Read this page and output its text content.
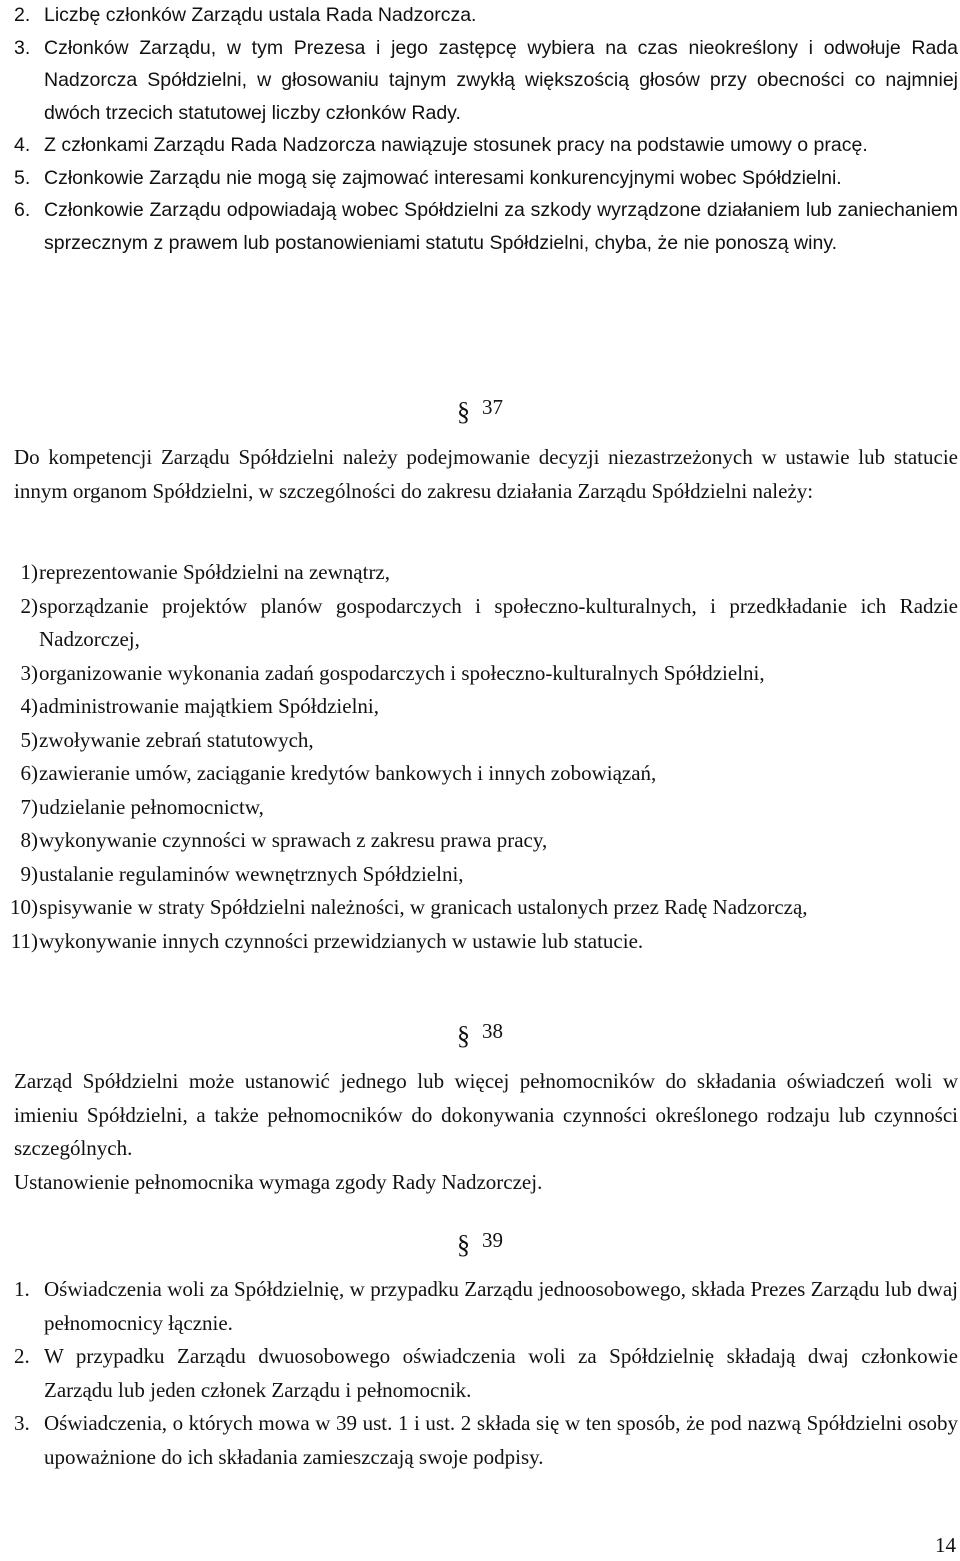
2. Liczbę członków Zarządu ustala Rada Nadzorcza.
3. Członków Zarządu, w tym Prezesa i jego zastępcę wybiera na czas nieokreślony i odwołuje Rada Nadzorcza Spółdzielni, w głosowaniu tajnym zwykłą większością głosów przy obecności co najmniej dwóch trzecich statutowej liczby członków Rady.
4. Z członkami Zarządu Rada Nadzorcza nawiązuje stosunek pracy na podstawie umowy o pracę.
5. Członkowie Zarządu nie mogą się zajmować interesami konkurencyjnymi wobec Spółdzielni.
6. Członkowie Zarządu odpowiadają wobec Spółdzielni za szkody wyrządzone działaniem lub zaniechaniem sprzecznym z prawem lub postanowieniami statutu Spółdzielni, chyba, że nie ponoszą winy.
§ 37
Do kompetencji Zarządu Spółdzielni należy podejmowanie decyzji niezastrzeżonych w ustawie lub statucie innym organom Spółdzielni, w szczególności do zakresu działania Zarządu Spółdzielni należy:
1) reprezentowanie Spółdzielni na zewnątrz,
2) sporządzanie projektów planów gospodarczych i społeczno-kulturalnych, i przedkładanie ich Radzie Nadzorczej,
3) organizowanie wykonania zadań gospodarczych i społeczno-kulturalnych Spółdzielni,
4) administrowanie majątkiem Spółdzielni,
5) zwoływanie zebrań statutowych,
6) zawieranie umów, zaciąganie kredytów bankowych i innych zobowiązań,
7) udzielanie pełnomocnictw,
8) wykonywanie czynności w sprawach z zakresu prawa pracy,
9) ustalanie regulaminów wewnętrznych Spółdzielni,
10) spisywanie w straty Spółdzielni należności, w granicach ustalonych przez Radę Nadzorczą,
11) wykonywanie innych czynności przewidzianych w ustawie lub statucie.
§ 38
Zarząd Spółdzielni może ustanowić jednego lub więcej pełnomocników do składania oświadczeń woli w imieniu Spółdzielni, a także pełnomocników do dokonywania czynności określonego rodzaju lub czynności szczególnych.
Ustanowienie pełnomocnika wymaga zgody Rady Nadzorczej.
§ 39
1. Oświadczenia woli za Spółdzielnię, w przypadku Zarządu jednoosobowego, składa Prezes Zarządu lub dwaj pełnomocnicy łącznie.
2. W przypadku Zarządu dwuosobowego oświadczenia woli za Spółdzielnię składają dwaj członkowie Zarządu lub jeden członek Zarządu i pełnomocnik.
3. Oświadczenia, o których mowa w 39 ust. 1 i ust. 2 składa się w ten sposób, że pod nazwą Spółdzielni osoby upoważnione do ich składania zamieszczają swoje podpisy.
14
